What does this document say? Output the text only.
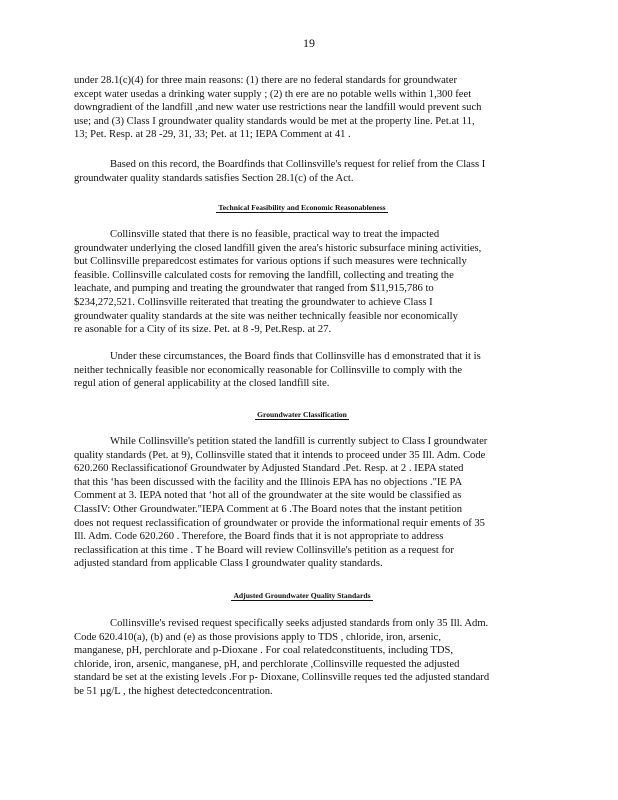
19
under 28.1(c)(4) for three main reasons: (1) there are no federal standards for groundwater
except water usedas a drinking water supply ; (2) th ere are no potable wells within 1,300 feet
downgradient of the landfill ,and new water use restrictions near the landfill would prevent such
use; and (3) Class I groundwater quality standards would be met at the property line. Pet.at 11,
13; Pet. Resp. at 28 -29, 31, 33; Pet. at 11; IEPA Comment at 41 .
Based on this record, the Boardfinds that Collinsville's request for relief from the Class I
groundwater quality standards satisfies Section 28.1(c) of the Act.
Technical Feasibility and Economic Reasonableness
Collinsville stated that there is no feasible, practical way to treat the impacted
groundwater underlying the closed landfill given the area's historic subsurface mining activities,
but Collinsville preparedcost estimates for various options if such measures were technically
feasible. Collinsville calculated costs for removing the landfill, collecting and treating the
leachate, and pumping and treating the groundwater that ranged from $11,915,786 to
$234,272,521. Collinsville reiterated that treating the groundwater to achieve Class I
groundwater quality standards at the site was neither technically feasible nor economically
re asonable for a City of its size. Pet. at 8 -9, Pet.Resp. at 27.
Under these circumstances, the Board finds that Collinsville has d emonstrated that it is
neither technically feasible nor economically reasonable for Collinsville to comply with the
regul ation of general applicability at the closed landfill site.
Groundwater Classification
While Collinsville's petition stated the landfill is currently subject to Class I groundwater
quality standards (Pet. at 9), Collinsville stated that it intends to proceed under 35 Ill. Adm. Code
620.260 Reclassificationof Groundwater by Adjusted Standard .Pet. Resp. at 2 . IEPA stated
that this ‘has been discussed with the facility and the Illinois EPA has no objections ."IE PA
Comment at 3. IEPA noted that ‘hot all of the groundwater at the site would be classified as
ClassIV: Other Groundwater."IEPA Comment at 6 .The Board notes that the instant petition
does not request reclassification of groundwater or provide the informational requir ements of 35
Ill. Adm. Code 620.260 . Therefore, the Board finds that it is not appropriate to address
reclassification at this time . T he Board will review Collinsville's petition as a request for
adjusted standard from applicable Class I groundwater quality standards.
Adjusted Groundwater Quality Standards
Collinsville's revised request specifically seeks adjusted standards from only 35 Ill. Adm.
Code 620.410(a), (b) and (e) as those provisions apply to TDS , chloride, iron, arsenic,
manganese, pH, perchlorate and p-Dioxane . For coal relatedconstituents, including TDS,
chloride, iron, arsenic, manganese, pH, and perchlorate ,Collinsville requested the adjusted
standard be set at the existing levels .For p- Dioxane, Collinsville reques ted the adjusted standard
be 51 µg/L , the highest detectedconcentration.
